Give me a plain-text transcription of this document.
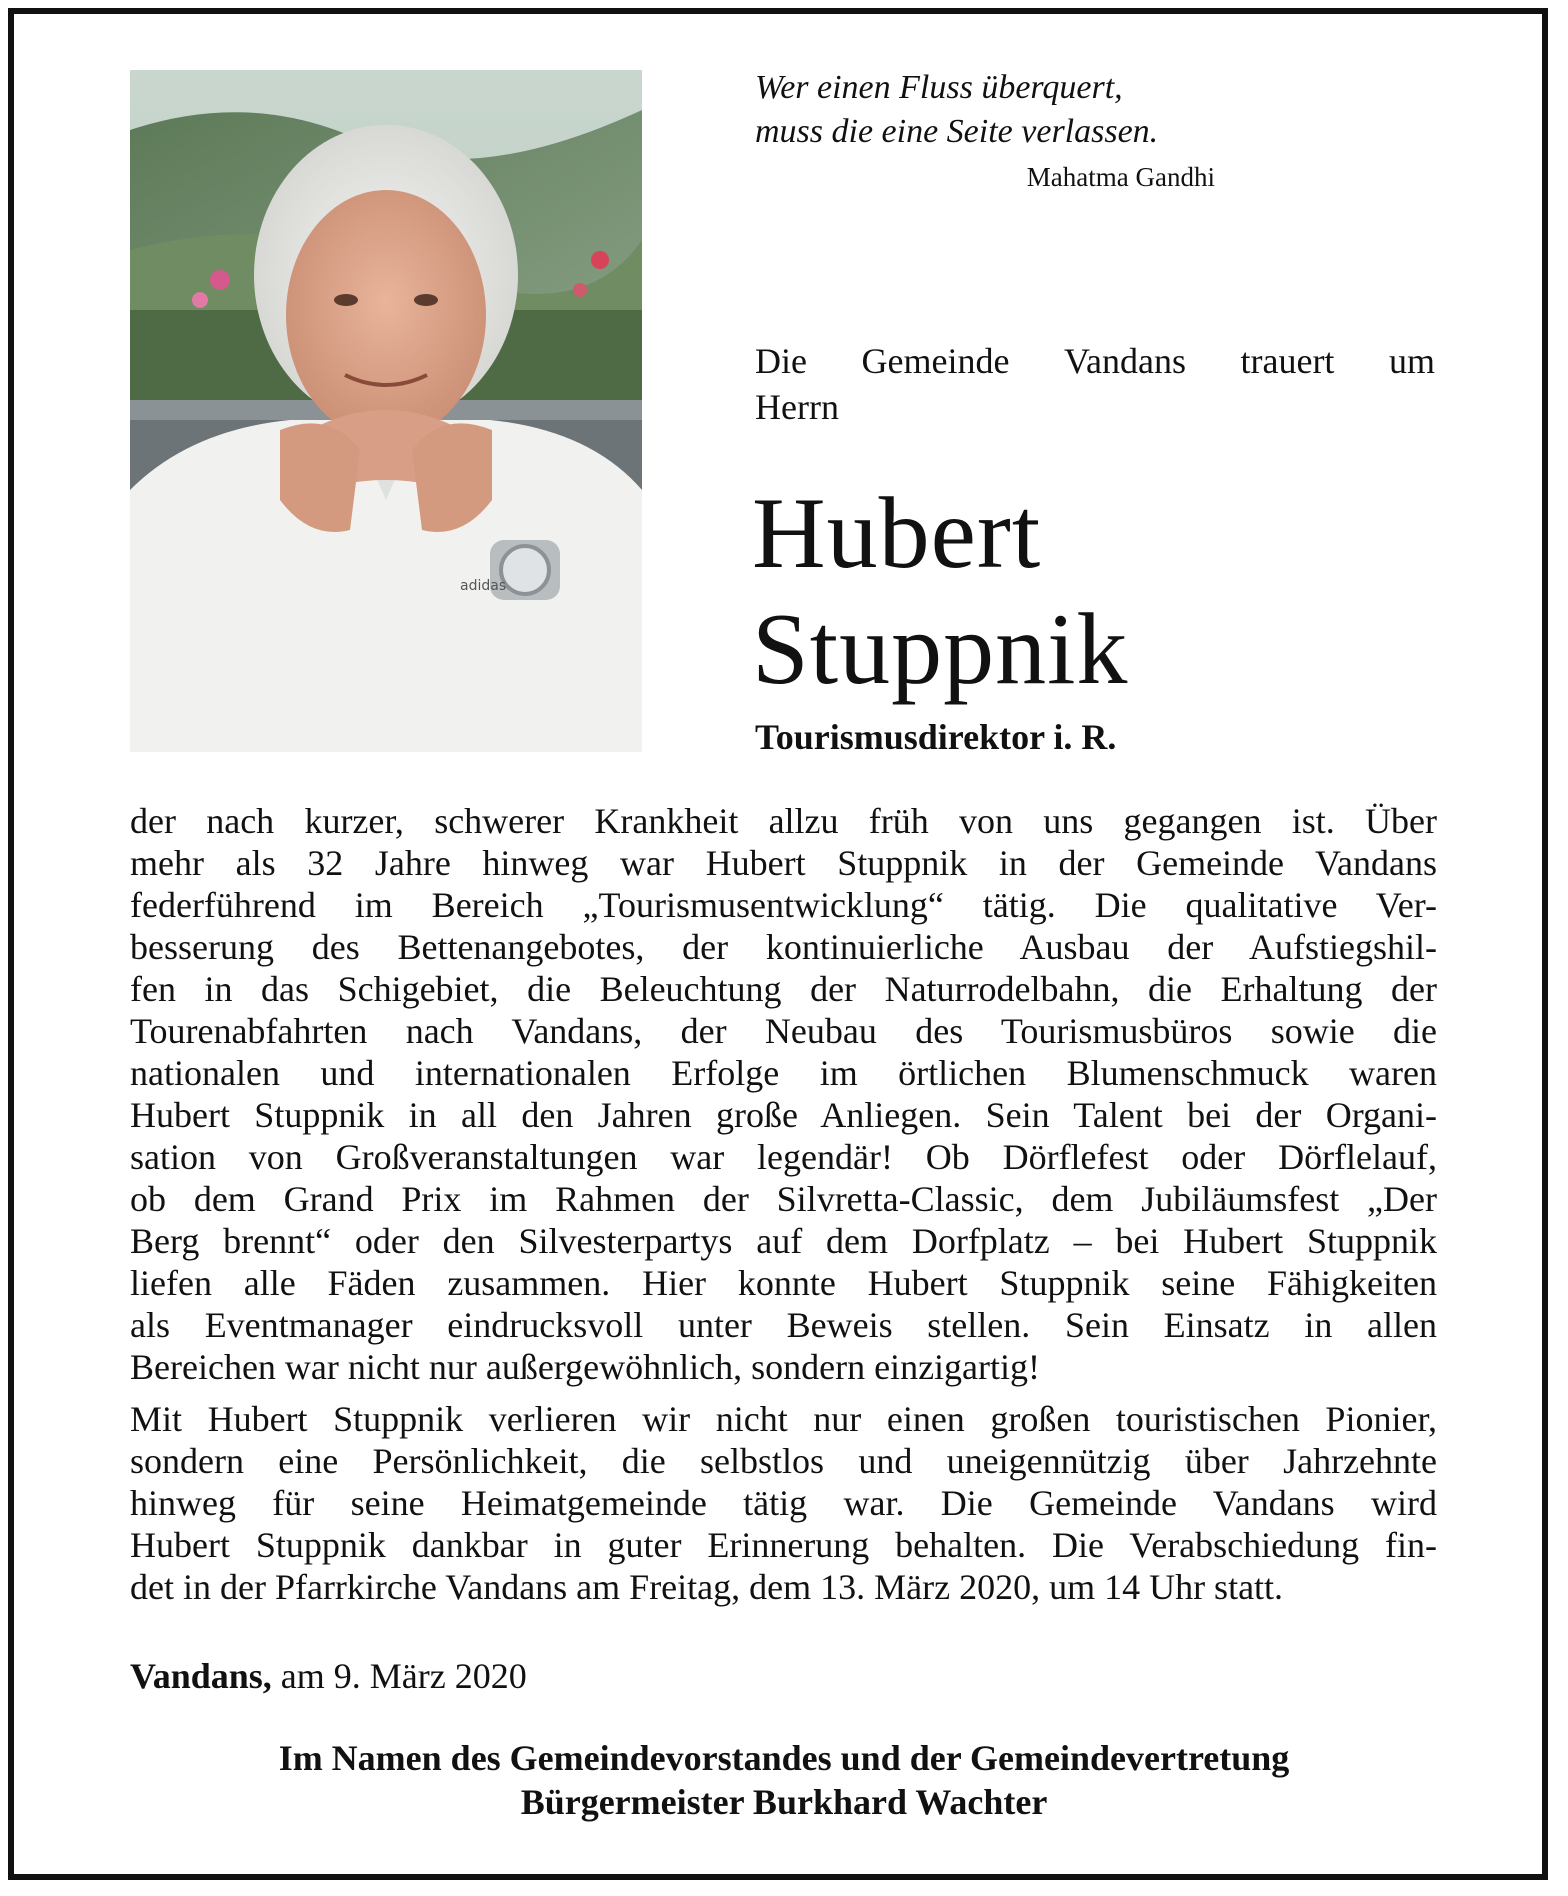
adidas
Wer einen Fluss überquert,
muss die eine Seite verlassen.
Mahatma Gandhi
Die Gemeinde Vandans trauert um
Herrn
Hubert
Stuppnik
Tourismusdirektor i. R.

der nach kurzer, schwerer Krankheit allzu früh von uns gegangen ist. Über
mehr als 32 Jahre hinweg war Hubert Stuppnik in der Gemeinde Vandans
federführend im Bereich „Tourismusentwicklung“ tätig. Die qualitative Ver-
besserung des Bettenangebotes, der kontinuierliche Ausbau der Aufstiegshil-
fen in das Schigebiet, die Beleuchtung der Naturrodelbahn, die Erhaltung der
Tourenabfahrten nach Vandans, der Neubau des Tourismusbüros sowie die
nationalen und internationalen Erfolge im örtlichen Blumenschmuck waren
Hubert Stuppnik in all den Jahren große Anliegen. Sein Talent bei der Organi-
sation von Großveranstaltungen war legendär! Ob Dörflefest oder Dörflelauf,
ob dem Grand Prix im Rahmen der Silvretta-Classic, dem Jubiläumsfest „Der
Berg brennt“ oder den Silvesterpartys auf dem Dorfplatz – bei Hubert Stuppnik
liefen alle Fäden zusammen. Hier konnte Hubert Stuppnik seine Fähigkeiten
als Eventmanager eindrucksvoll unter Beweis stellen. Sein Einsatz in allen
Bereichen war nicht nur außergewöhnlich, sondern einzigartig!

Mit Hubert Stuppnik verlieren wir nicht nur einen großen touristischen Pionier,
sondern eine Persönlichkeit, die selbstlos und uneigennützig über Jahrzehnte
hinweg für seine Heimatgemeinde tätig war. Die Gemeinde Vandans wird
Hubert Stuppnik dankbar in guter Erinnerung behalten. Die Verabschiedung fin-
det in der Pfarrkirche Vandans am Freitag, dem 13. März 2020, um 14 Uhr statt.

Vandans, am 9. März 2020
Im Namen des Gemeindevorstandes und der Gemeindevertretung
Bürgermeister Burkhard Wachter
